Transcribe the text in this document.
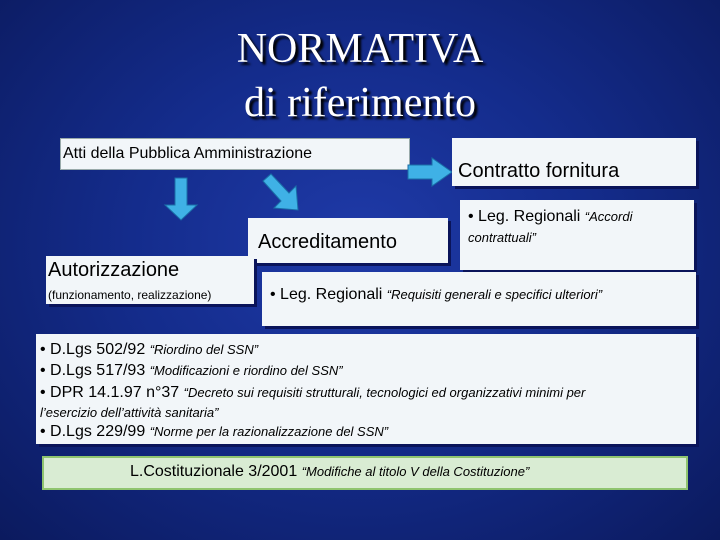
NORMATIVA
di riferimento
Atti della Pubblica Amministrazione
Contratto fornitura
• Leg. Regionali “Accordi
contrattuali”
Accreditamento
Autorizzazione
(funzionamento, realizzazione)	• Leg. Regionali “Requisiti generali e specifici ulteriori”
• D.Lgs 502/92 “Riordino del SSN”
• D.Lgs 517/93 “Modificazioni e riordino del SSN”
• DPR 14.1.97 n°37 “Decreto sui requisiti strutturali, tecnologici ed organizzativi minimi per
l’esercizio dell’attività sanitaria”
• D.Lgs 229/99 “Norme per la razionalizzazione del SSN”
L.Costituzionale 3/2001 “Modifiche al titolo V della Costituzione”
